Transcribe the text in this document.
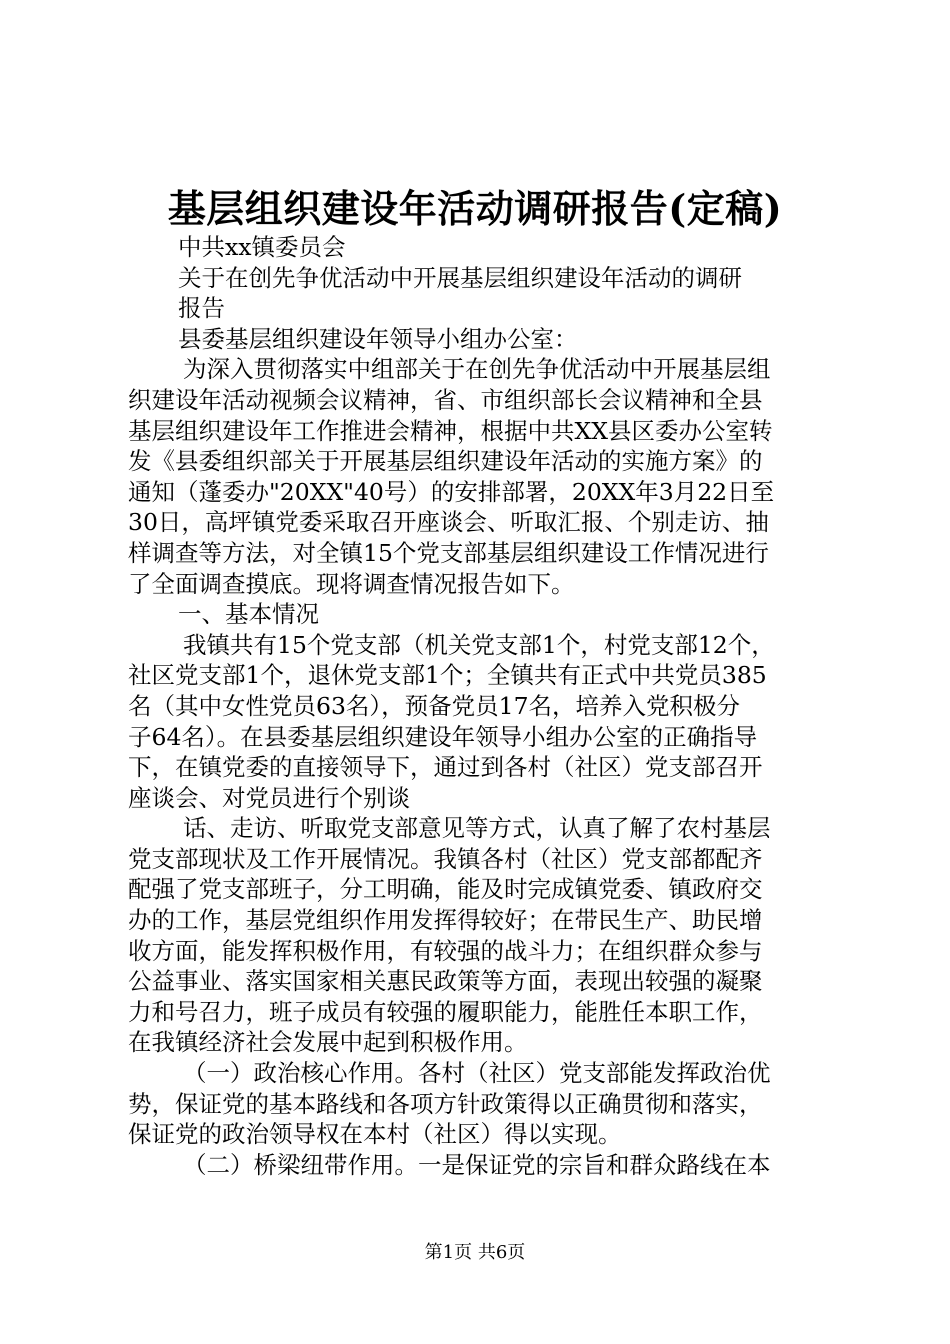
基层组织建设年活动调研报告(定稿)
中共xx镇委员会
关于在创先争优活动中开展基层组织建设年活动的调研
报告
县委基层组织建设年领导小组办公室：
为深入贯彻落实中组部关于在创先争优活动中开展基层组
织建设年活动视频会议精神，省、市组织部长会议精神和全县
基层组织建设年工作推进会精神，根据中共XX县区委办公室转
发《县委组织部关于开展基层组织建设年活动的实施方案》的
通知（蓬委办"20XX"40号）的安排部署，20XX年3月22日至
30日，高坪镇党委采取召开座谈会、听取汇报、个别走访、抽
样调查等方法，对全镇15个党支部基层组织建设工作情况进行
了全面调查摸底。现将调查情况报告如下。
一、基本情况
我镇共有15个党支部（机关党支部1个，村党支部12个，
社区党支部1个，退休党支部1个；全镇共有正式中共党员385
名（其中女性党员63名），预备党员17名，培养入党积极分
子64名）。在县委基层组织建设年领导小组办公室的正确指导
下，在镇党委的直接领导下，通过到各村（社区）党支部召开
座谈会、对党员进行个别谈
话、走访、听取党支部意见等方式，认真了解了农村基层
党支部现状及工作开展情况。我镇各村（社区）党支部都配齐
配强了党支部班子，分工明确，能及时完成镇党委、镇政府交
办的工作，基层党组织作用发挥得较好；在带民生产、助民增
收方面，能发挥积极作用，有较强的战斗力；在组织群众参与
公益事业、落实国家相关惠民政策等方面，表现出较强的凝聚
力和号召力，班子成员有较强的履职能力，能胜任本职工作，
在我镇经济社会发展中起到积极作用。
（一）政治核心作用。各村（社区）党支部能发挥政治优
势，保证党的基本路线和各项方针政策得以正确贯彻和落实，
保证党的政治领导权在本村（社区）得以实现。
（二）桥梁纽带作用。一是保证党的宗旨和群众路线在本
第1页 共6页
